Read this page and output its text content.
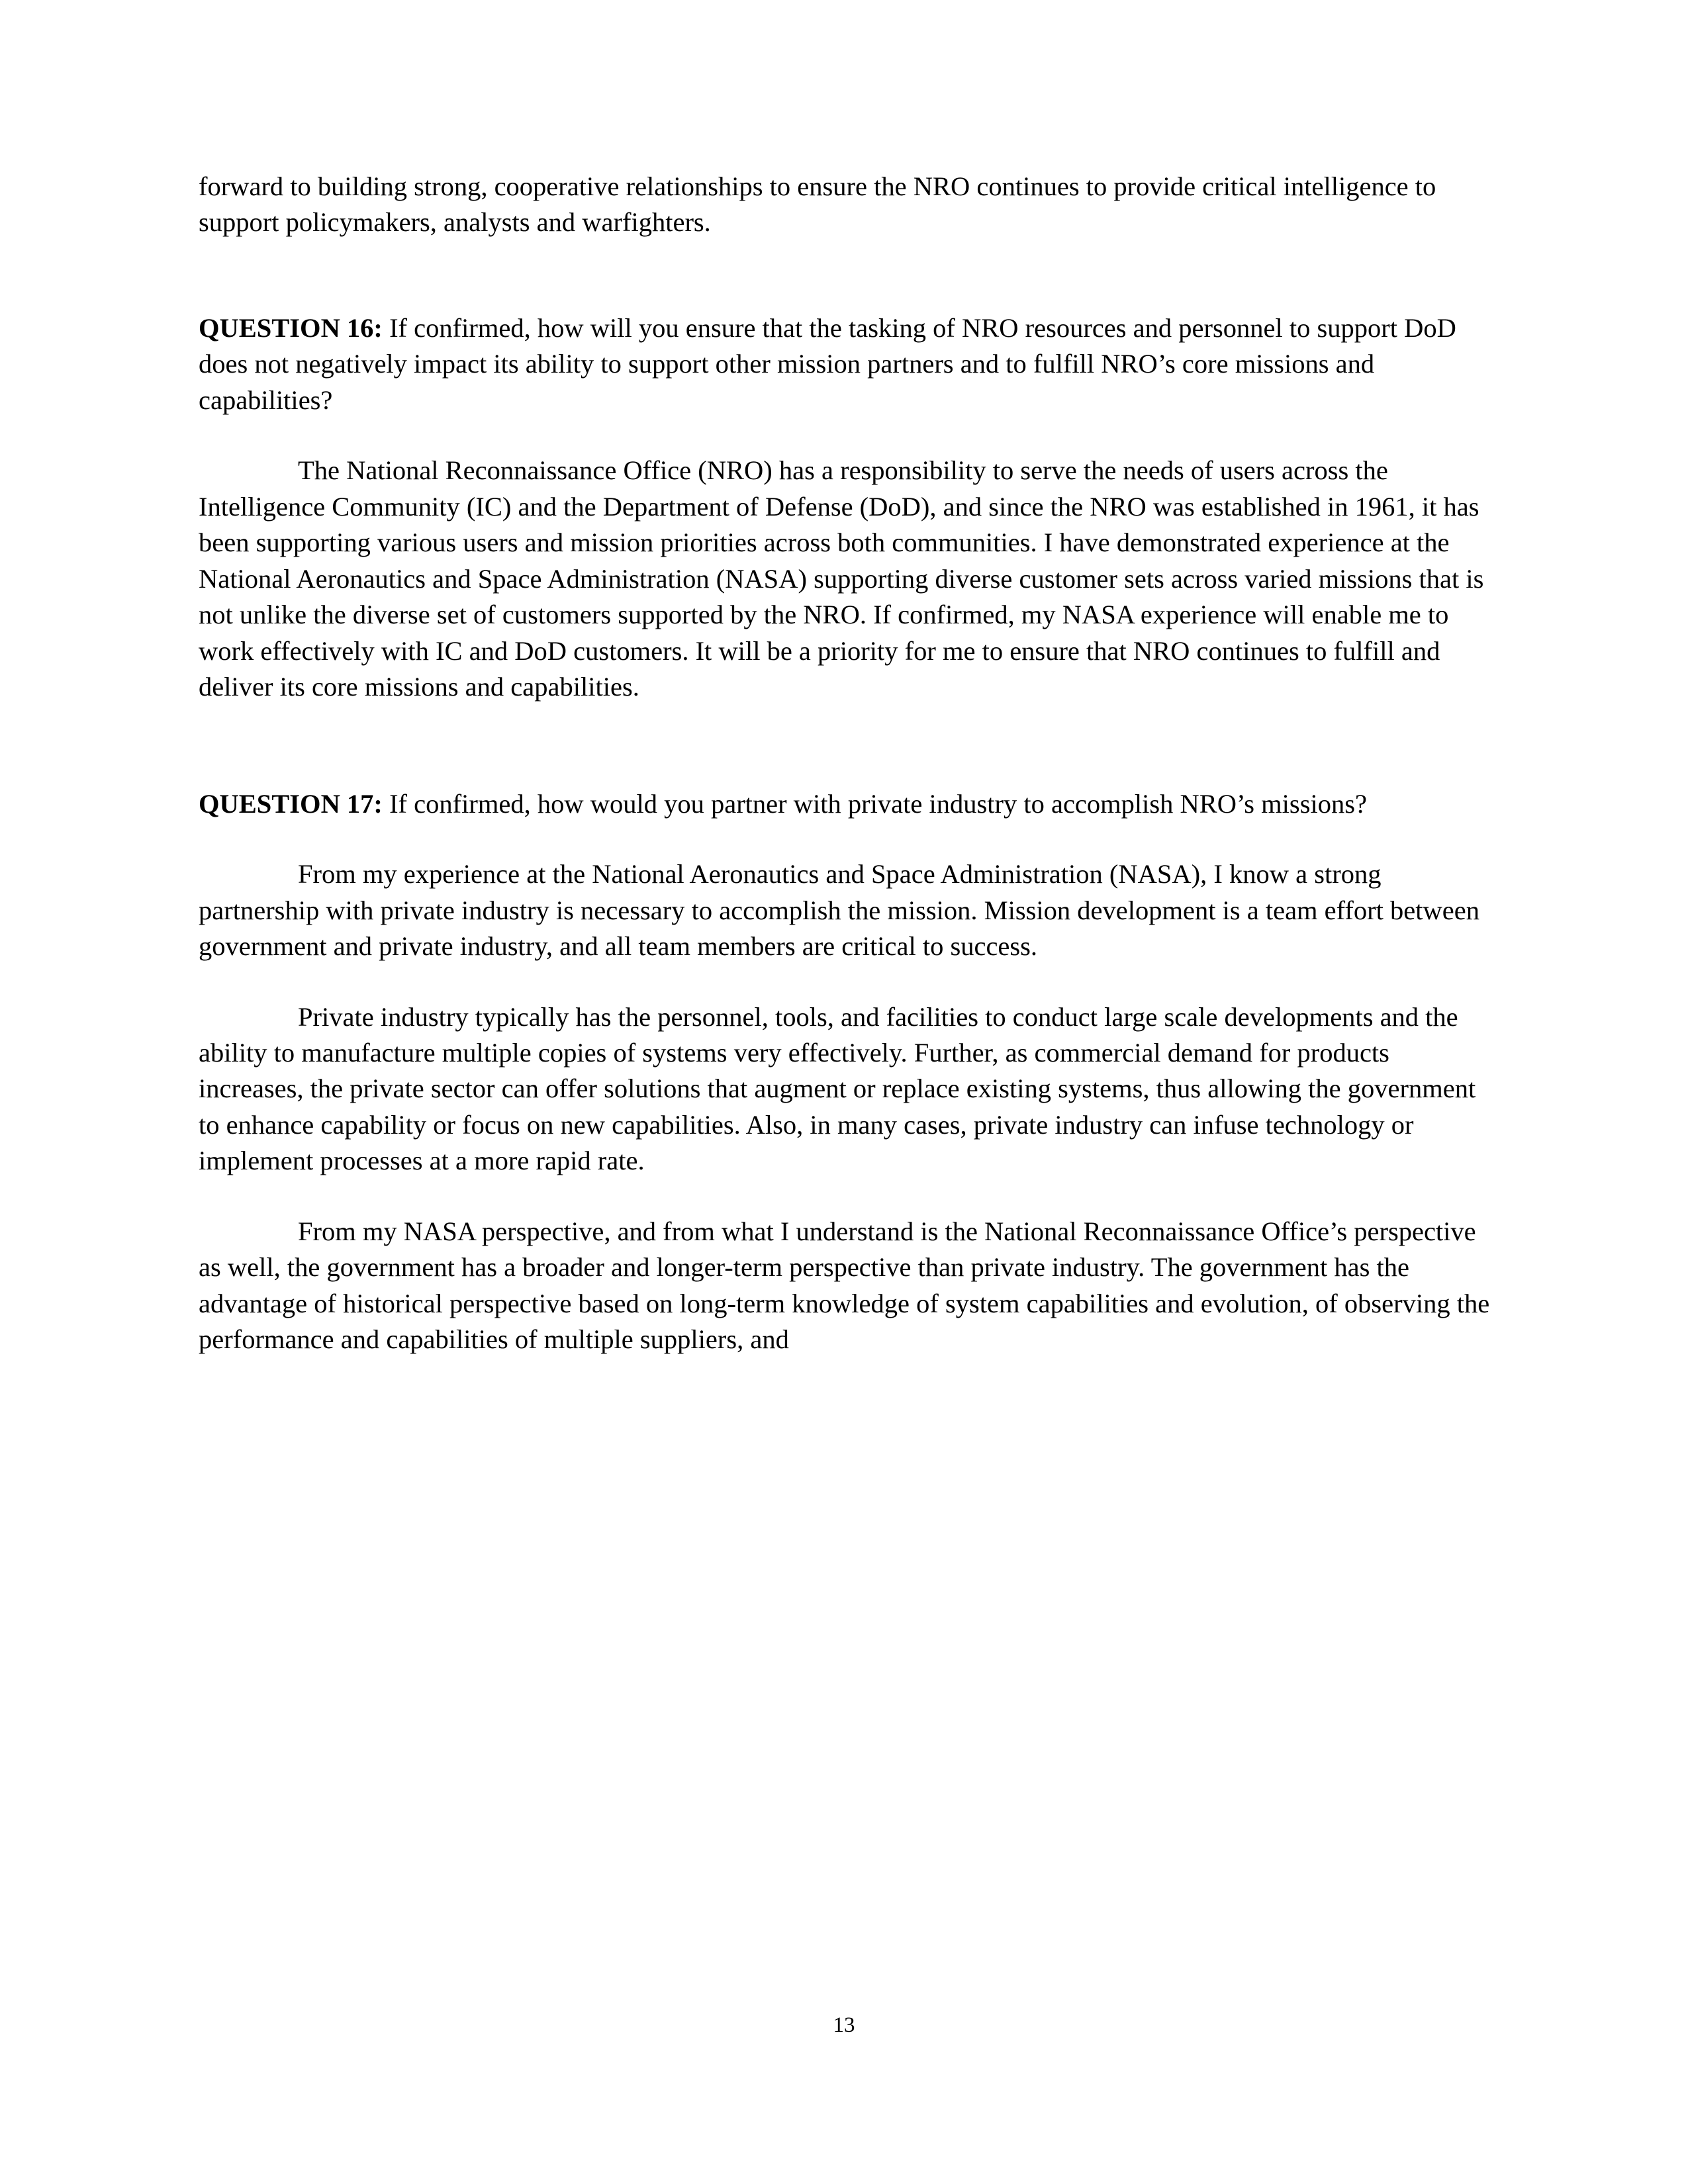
forward to building strong, cooperative relationships to ensure the NRO continues to provide critical intelligence to support policymakers, analysts and warfighters.

QUESTION 16: If confirmed, how will you ensure that the tasking of NRO resources and personnel to support DoD does not negatively impact its ability to support other mission partners and to fulfill NRO’s core missions and capabilities?

The National Reconnaissance Office (NRO) has a responsibility to serve the needs of users across the Intelligence Community (IC) and the Department of Defense (DoD), and since the NRO was established in 1961, it has been supporting various users and mission priorities across both communities. I have demonstrated experience at the National Aeronautics and Space Administration (NASA) supporting diverse customer sets across varied missions that is not unlike the diverse set of customers supported by the NRO. If confirmed, my NASA experience will enable me to work effectively with IC and DoD customers. It will be a priority for me to ensure that NRO continues to fulfill and deliver its core missions and capabilities.

QUESTION 17: If confirmed, how would you partner with private industry to accomplish NRO’s missions?

From my experience at the National Aeronautics and Space Administration (NASA), I know a strong partnership with private industry is necessary to accomplish the mission. Mission development is a team effort between government and private industry, and all team members are critical to success.

Private industry typically has the personnel, tools, and facilities to conduct large scale developments and the ability to manufacture multiple copies of systems very effectively. Further, as commercial demand for products increases, the private sector can offer solutions that augment or replace existing systems, thus allowing the government to enhance capability or focus on new capabilities. Also, in many cases, private industry can infuse technology or implement processes at a more rapid rate.

From my NASA perspective, and from what I understand is the National Reconnaissance Office’s perspective as well, the government has a broader and longer-term perspective than private industry. The government has the advantage of historical perspective based on long-term knowledge of system capabilities and evolution, of observing the performance and capabilities of multiple suppliers, and

13
